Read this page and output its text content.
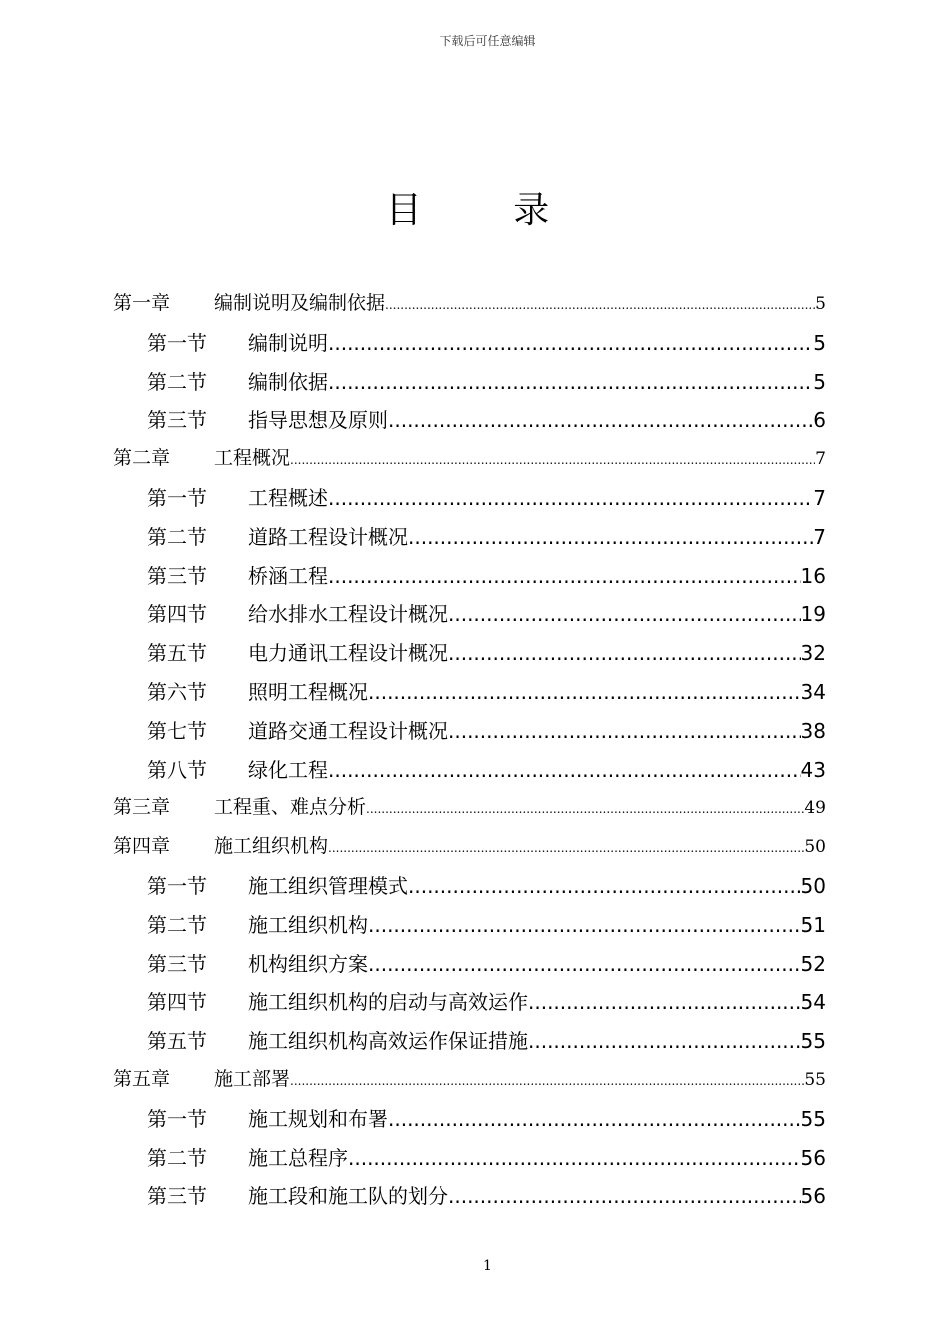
下载后可任意编辑
目 录
第一章	编制说明及编制依据 .....	5
第一节	编制说明 .....	5
第二节	编制依据 .....	5
第三节	指导思想及原则 .....	6
第二章	工程概况 .....	7
第一节	工程概述 .....	7
第二节	道路工程设计概况 .....	7
第三节	桥涵工程 .....	16
第四节	给水排水工程设计概况 .....	19
第五节	电力通讯工程设计概况 .....	32
第六节	照明工程概况 .....	34
第七节	道路交通工程设计概况 .....	38
第八节	绿化工程 .....	43
第三章	工程重、难点分析 .....	49
第四章	施工组织机构 .....	50
第一节	施工组织管理模式 .....	50
第二节	施工组织机构 .....	51
第三节	机构组织方案 .....	52
第四节	施工组织机构的启动与高效运作 .....	54
第五节	施工组织机构高效运作保证措施 .....	55
第五章	施工部署 .....	55
第一节	施工规划和布署 .....	55
第二节	施工总程序 .....	56
第三节	施工段和施工队的划分 .....	56
1
